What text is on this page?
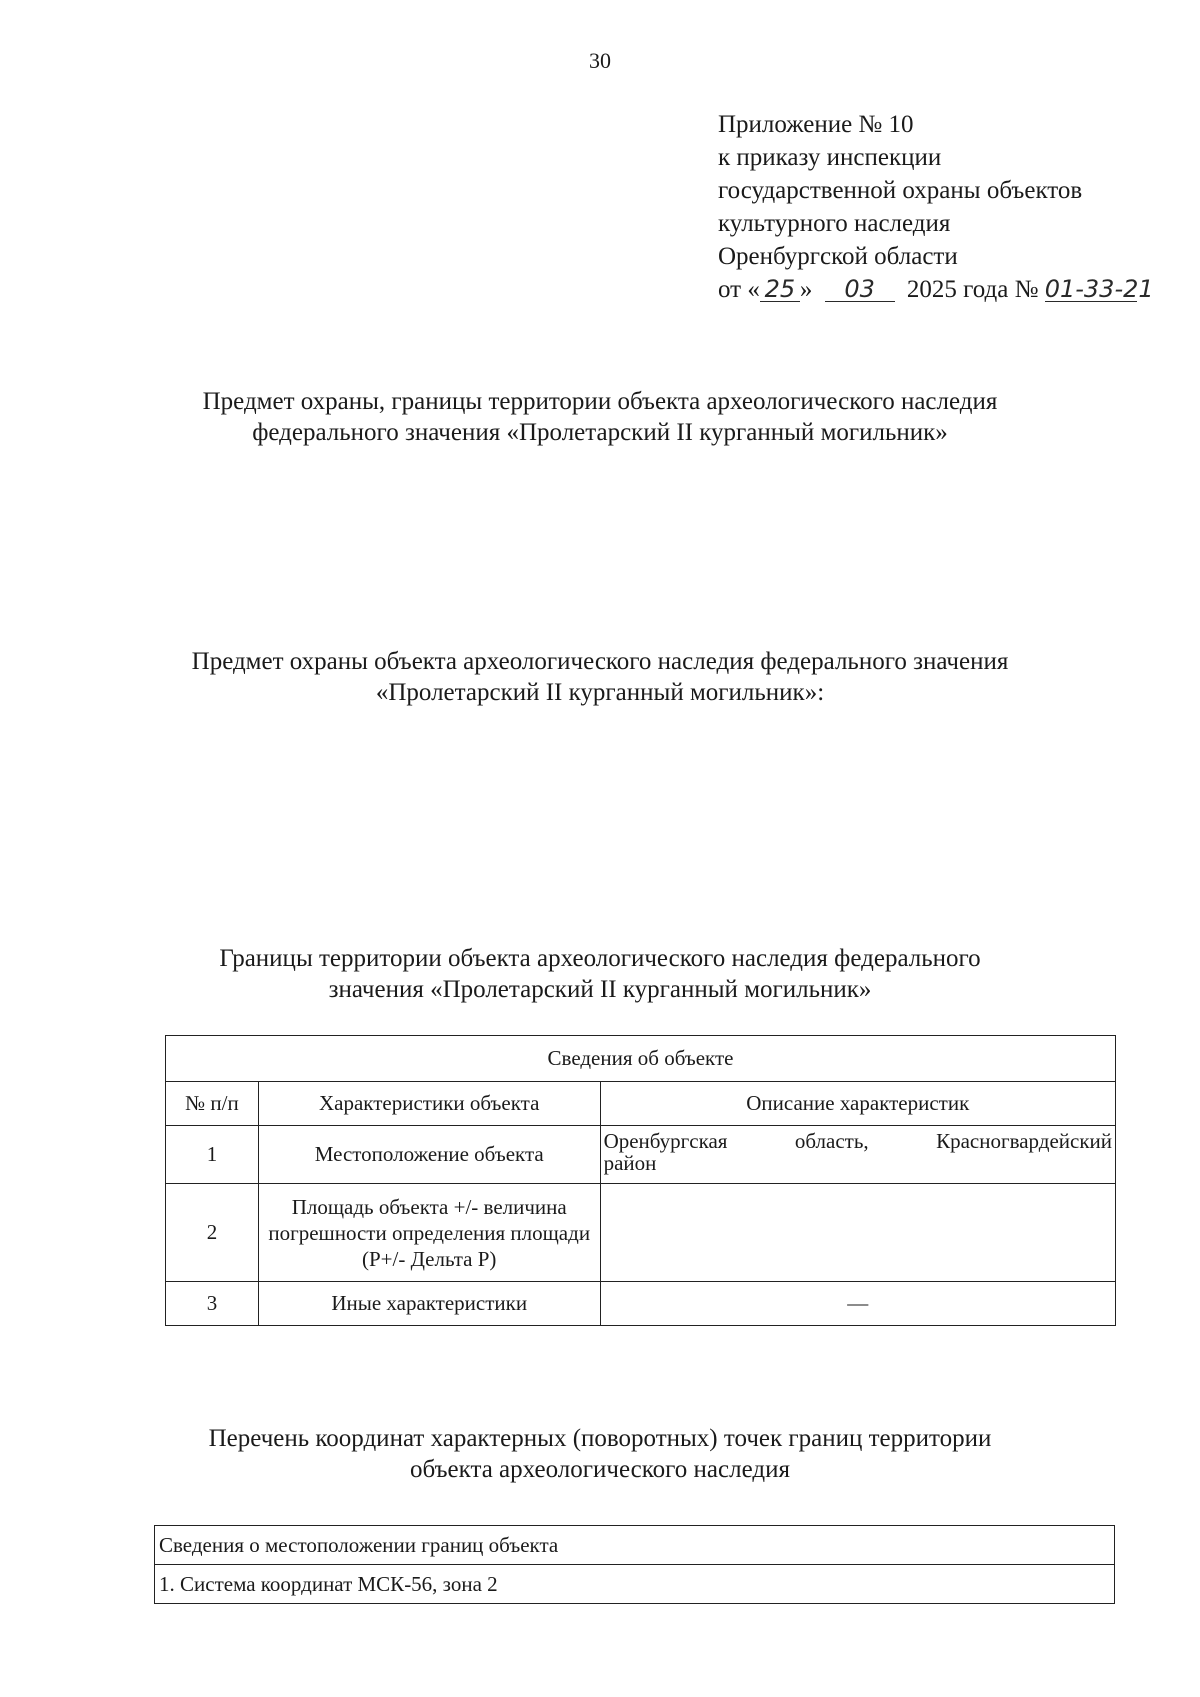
30
Приложение № 10
к приказу инспекции
государственной охраны объектов
культурного наследия
Оренбургской области
от « 25 » 03 2025 года № 01-33-21
Предмет охраны, границы территории объекта археологического наследия
федерального значения «Пролетарский II курганный могильник»
Предмет охраны объекта археологического наследия федерального значения
«Пролетарский II курганный могильник»:
Границы территории объекта археологического наследия федерального
значения «Пролетарский II курганный могильник»
Сведения об объекте		
№ п/п	Характеристики объекта	Описание характеристик
1	Местоположение объекта	Оренбургская область, Красногвардейский
район

2	Площадь объекта +/- величина погрешности определения площади (P+/- Дельта P)	
3	Иные характеристики	—
Перечень координат характерных (поворотных) точек границ территории
объекта археологического наследия
Сведения о местоположении границ объекта
1. Система координат МСК-56, зона 2
